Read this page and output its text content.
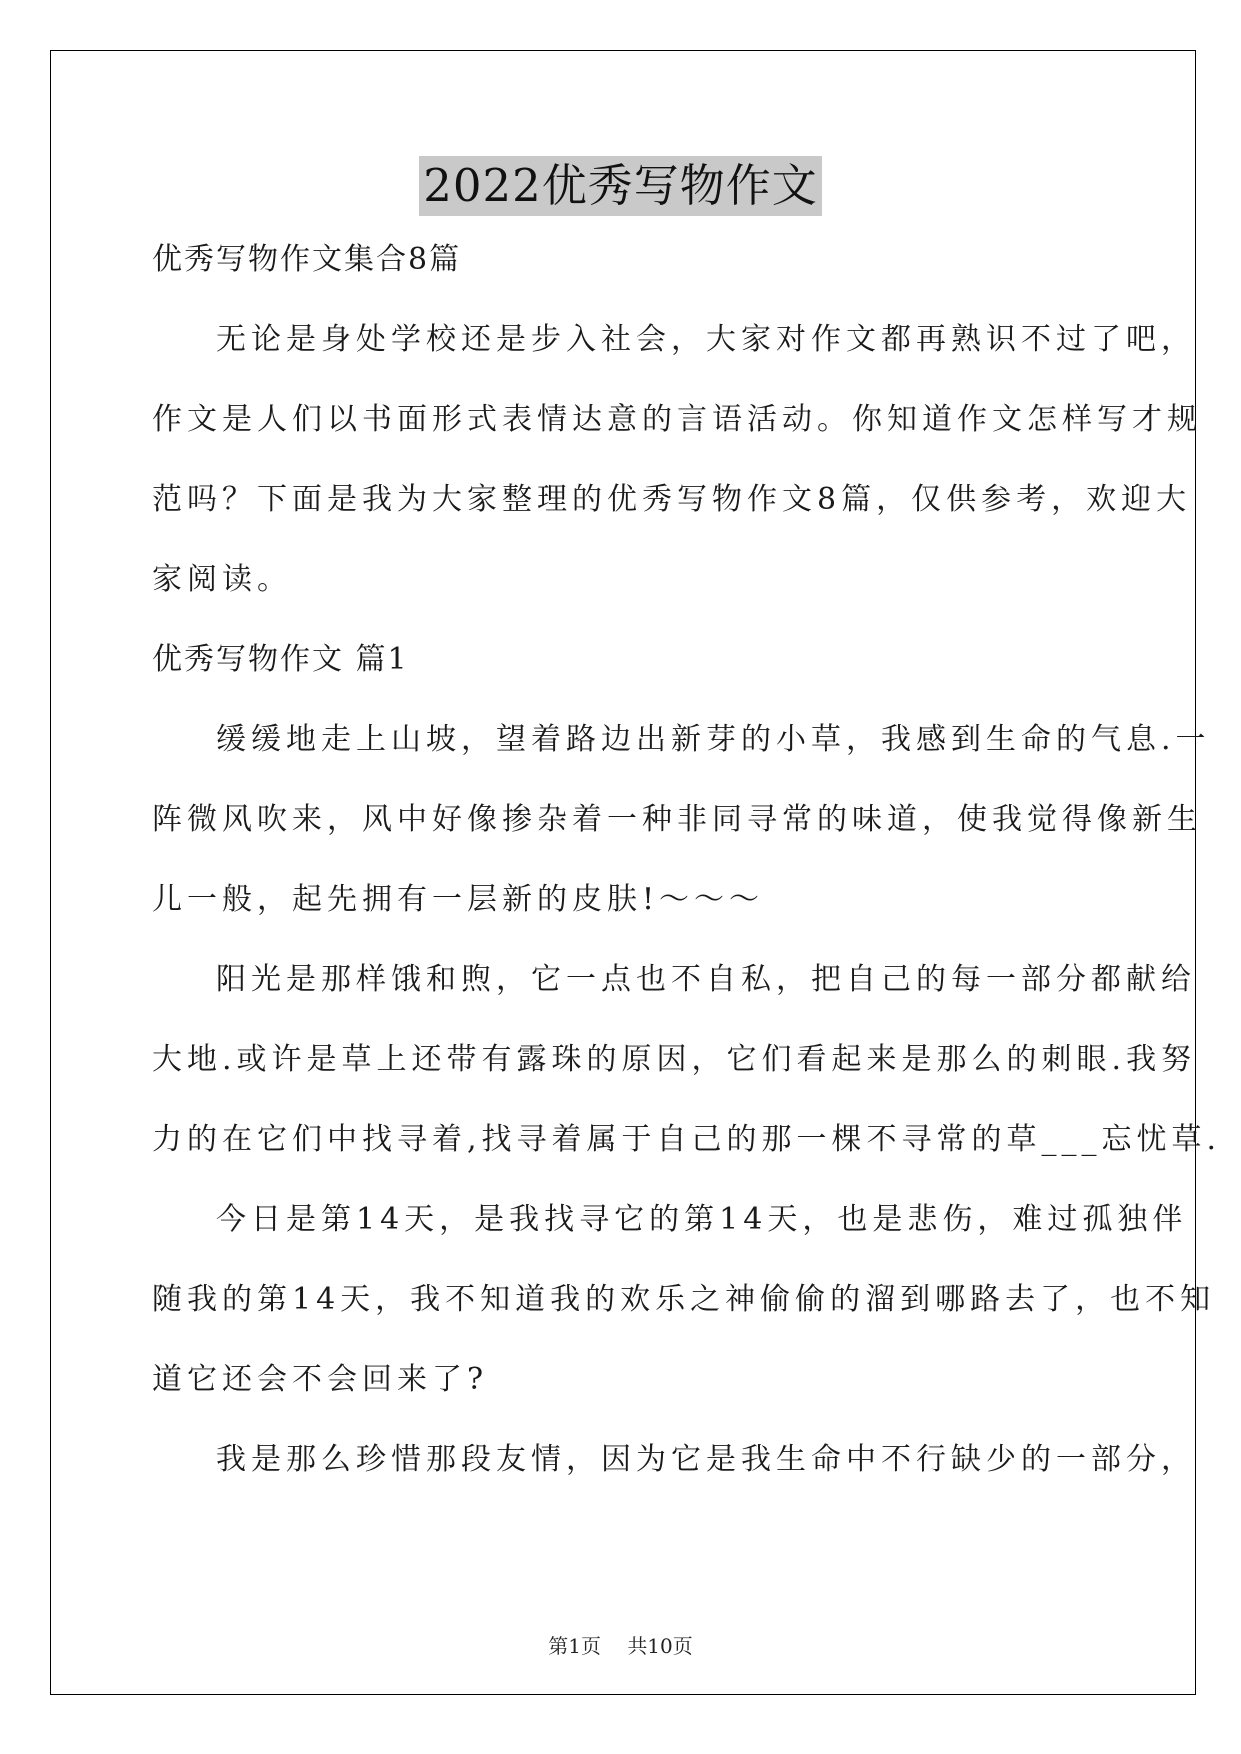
2022优秀写物作文
优秀写物作文集合8篇
无论是身处学校还是步入社会，大家对作文都再熟识不过了吧，
作文是人们以书面形式表情达意的言语活动。你知道作文怎样写才规
范吗？下面是我为大家整理的优秀写物作文8篇，仅供参考，欢迎大
家阅读。
优秀写物作文 篇1
缓缓地走上山坡，望着路边出新芽的小草，我感到生命的气息.一
阵微风吹来，风中好像掺杂着一种非同寻常的味道，使我觉得像新生
儿一般，起先拥有一层新的皮肤!～～～
阳光是那样饿和煦，它一点也不自私，把自己的每一部分都献给
大地.或许是草上还带有露珠的原因，它们看起来是那么的刺眼.我努
力的在它们中找寻着,找寻着属于自己的那一棵不寻常的草___忘忧草.
今日是第14天，是我找寻它的第14天，也是悲伤，难过孤独伴
随我的第14天，我不知道我的欢乐之神偷偷的溜到哪路去了，也不知
道它还会不会回来了?
我是那么珍惜那段友情，因为它是我生命中不行缺少的一部分，
第1页 共10页
